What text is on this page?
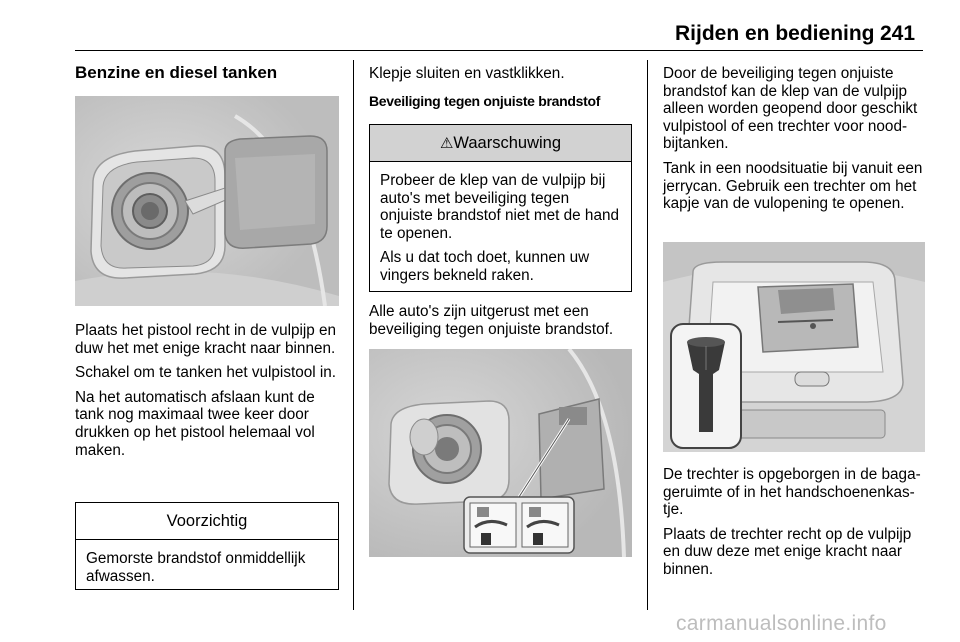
Rijden en bediening 241

Benzine en diesel tanken

Plaats het pistool recht in de vulpijp en duw het met enige kracht naar binnen.

Schakel om te tanken het vulpistool in.

Na het automatisch afslaan kunt de tank nog maximaal twee keer door drukken op het pistool helemaal vol maken.

Voorzichtig

Gemorste brandstof onmiddellijk afwassen.

Klepje sluiten en vastklikken.

Beveiliging tegen onjuiste brandstof

⚠Waarschuwing

Probeer de klep van de vulpijp bij auto's met beveiliging tegen onjuiste brandstof niet met de hand te openen.

Als u dat toch doet, kunnen uw vingers bekneld raken.

Alle auto's zijn uitgerust met een beveiliging tegen onjuiste brandstof.

Door de beveiliging tegen onjuiste brandstof kan de klep van de vulpijp alleen worden geopend door geschikt vulpistool of een trechter voor nood-bijtanken.

Tank in een noodsituatie bij vanuit een jerrycan. Gebruik een trechter om het kapje van de vulopening te openen.

De trechter is opgeborgen in de baga-geruimte of in het handschoenenkas-tje.

Plaats de trechter recht op de vulpijp en duw deze met enige kracht naar binnen.

carmanualsonline.info
